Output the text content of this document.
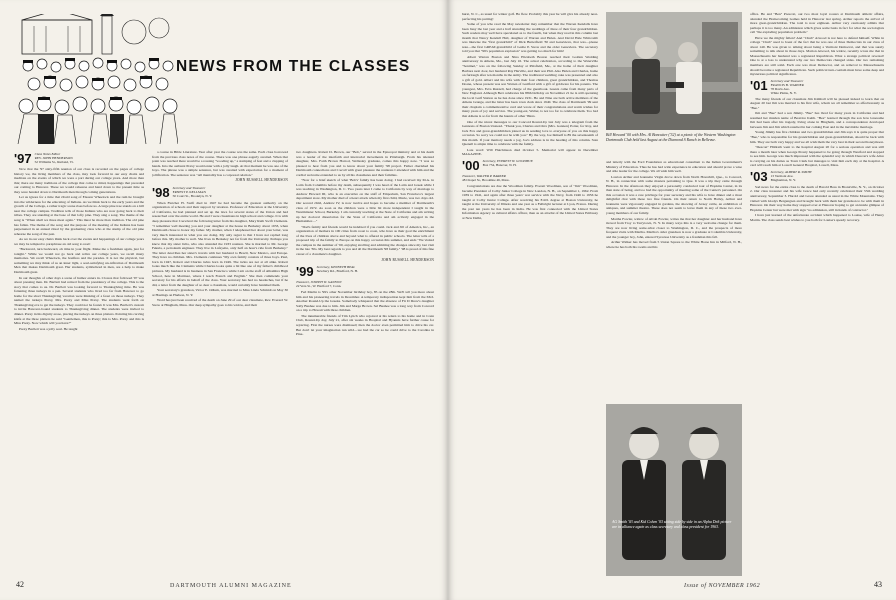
NEWS FROM THE CLASSES
'97 Class Notes Editor
REV. JOHN HENDERSON
52 Williams St., Rutland, Vt.

Now that the '97 sixty-fifth reunion of our class is recorded on the pages of college history we, the living members of the class, may look forward in our easy chairs and meditate on the events of which we were a part during our college years. And more than this; there are many traditions of the college that come to mind, happenings that preceded our coming to Hanover. These we would rehearse and hand down to the present time as they were handed down to Dartmouth men through coming generations.

Let us ignore for a time that ribald song of Eleazar Wheelock and the rum he brought into the wilderness for the educating of Indians. As we think back to the early years and the growth of the College, a rather tragic scene rises before us. A large pine tree stands on a hill near the college campus. Tradition tells of those Indians who are now going back to their tribes. They are standing at the base of that lofty pine. They sing a song. The theme of the song is "When shall we three meet again." This must be more than tradition. The old pine has fallen. The theme of the song and the purpose of the meeting of the Indians has been perpetuated in an annual ritual by the graduating class who at the stump of the old pine rehearse the song of the past.

As we in our easy chairs think back over the events and happenings of our college years we may be tempted to paraphrase an old song to read:

"Backward, turn backward, oh time in your flight. Make me a freshman again, just for tonight." While we would not go back and relive our college years, we recall many memories. We recall Wheelock, the bonfires and the parades. It is not the physical, but something we may think of as an inner light, a soul-satisfying un-nification of Dartmouth Men that makes Dartmouth great. Her students, symbolized in men, are a help to make Dartmouth great.

In our thoughts of other days a scene of humor enters in. Clowes that followed '97 was about pressing men. Dr. Bartlett had retired from the presidency of the college. This is the story that comes to us. Dr. Bartlett was looking forward to Thanksgiving time. He was fattening three turkeys in a pen. Several students who lived too far from Hanover to go home for the short Thanksgiving vacation were thinking of a feast on those turkeys. They named the turkeys Prexy, Mrs. Prexy and Miss Prexy. The students went forth on Thanksgiving eve to get the turkeys. They could not be found. It was Mrs. Bartlett's custom to invite Hanover-bound students to Thanksgiving dinner. The students were invited to dinner. Prexy in his dignity arose, placing the turkeys on three platters. Pointing his carving knife at the three platters he said "Gentlemen, this is Prexy; this is Mrs. Prexy and this is Miss Prexy. Now which will you have?"

Prexy Bartlett was a jolly soul. He taught

a course in Bible Literature. Year after year the course was the same. Each class borrowed from the previous class notes of the course. There was one phrase eagerly awaited. When that point was reached there would be a rousing "wooding up," a stamping of feet and a clapping of hands. Into the outburst Prexy would enter with a jolly laugh. At that moment he was one of the boys. The phrase was a simple sentence, but was awaited with expectation for a moment of jollification. The sentence was "All mentality has a corporeal relation."

JOHN RUSSELL HENDERSON
'98 Secretary and Treasurer
ERNEST P. KELLMAN
50 Court St., Brooklyn, N. Y.

When Fletcher H. Swift died in 1947 he had become the greatest authority on the organization of schools and their support by taxation. Professor of Education at the University of California, he had planned and set up the laws for several states of the Union and had researched over the entire world. He and I were classmates in high school and college. It is with deep pleasure that I received the following letter from his daughter, Mary Ruth Swift Clements. "I remember well meeting you and your daughter at the house in Berkeley about 1933, when Dartmouth chose to honor my father. My mother, when I telephoned her about your letter, was very much interested in what you are doing. My only regret is that I have not replied long before this. My mother is well. She lives in Berkeley not far from the University. Perhaps you know that my sister Julia, who also attended the 1933 reunion. She is married to Mr. George Fekula, a petroleum engineer. They live in Lafayette, only half an hour's ride from Berkeley." The letter describes her sister's travels with her husband to Brazil, New Mexico, and Europe. They have no children. Mrs. Clements continues "My own family consists of three boys. Paul, born in 1947, Robert and Charles twins born in 1949. The twins are not at all alike. Robert looks much like the Clements while Charles looks quite a bit like one of my father's childhood pictures. My husband is in business in San Francisco while I am on the staff of Alhambra High School, here in Martinez, where I teach French and English." She then commends your secretary for his efforts in behalf of the class. Your secretary has had no headaches, but if he did, a letter from the daughter of so dear a classmate, would certainly have banished them.

Your secretary's grandson, Victor E. Odlum, was married to Miss Linda Schmidt on May 30 at Hastings on Hudson, N. Y.

Word has just been received of the death on June 29 of our dear classmate, Rev. Everard W. Snow at Hingham, Mass. Our deep sympathy goes to his widow, and their

two daughters. Robert D. Brown, our "Bob," served in the Episcopal ministry and at his death was a leader of the interfaith and interracial movements in Pittsburgh. From his talented daughter, Mrs. Faith Brown Harrod, Wellesley graduate, comes this happy note. "I was so pleased to hear from you and to know about your family '98 project. Father cherished his Dartmouth connections and I recall with great pleasure the reunions I attended with him and the cordial welcome extended to us by all his classmates and their families.

"Now for a brief sketch of what 'Bob's' family has been doing. I had received my M.A. in Latin from Columbia before my death, subsequently I was head of the Latin and Greek while I was teaching in Washington, D. C. Two years later I came to California by way of marriage to Andrew Howard III, who is an executive on the staff of Emporium, San Francisco's largest department store. My mother died of a heart attack when my first child, Marie, was two days old. Our second child, Andrew IV, is now twelve and hopes to become a member of Dartmouth's class of 1972. As soon as the children were a little bit more independent I taught in the Westminster School, Berkeley. I am currently teaching at the State of California and am writing up her doctoral dissertation for the State of California and am actively engaged in the Humanities ..."

"Dad's family and friends would be indebted if you could. Jack and Jill of America, Inc., an organization of mothers in 100 cities from coast to coast, who have as their goal the enrichment of the lives of children above and beyond what is offered in public schools. The letter tells of a proposed trip of the family to Europe on this happy occasion this summer, and ends "We visited the campus in the summer of '60, enjoying strolling and admiring the changes since my last visit in the late '30s. My best regards to you and all the Dartmouth '98 family." '98 is proud of this fine career of a classmate's daughter.

JOHN RUSSELL HENDERSON
'99 Secretary, KENNETH BEAL
Newbury Rd., Bradford, N. H.
Treasurer, JOSEPH W. GANNON
22 Vera St., W. Hartford 7, Conn.

Fed Martin is '99's other November birthday boy, 85 on the 28th. We'll tell you more about him and his pioneering travels in December. A temporary indisposition kept him from the 63rd. Another Round-Up the Greeks. Somebody whispered that the absence of Fir D Drew's daughter Sally Bushee was due to him. Jim and Marge Brown. Sal Bushee was a long way from Concord on a trip to Hawaii with three children.

The innumerable friends of Tim Lynch who rejoiced at his return to his home and in Conn Club, Round-Up day, July 21, after six weeks in Hospital and Hyannis have further cause for rejoicing. First the nurses were dismissed; then the doctor even permitted him to drive his car. But don't let your imagination run wild—we had the car so he could drive to the Carolina in Pine-

42	DARTMOUTH ALUMNI MAGAZINE

hurst, N. C., as usual for winter golf. He flew. Probably this year he will give his already near-perfecting his putting!

Some of you who read the May newsletter may remember that the Warren Kendalls have been busy the last year and a half attending the weddings of three of their four grandchildren. Such readers may well have speculated as to the fourth, but when they read in this column last month that Nancy Kendall Hall, daughter of Warren and Helen. And David Hale Whitcomb was likewise the "first grandchild" of Dick Butterfield '30 and Genevieve, that was—please note—the first GREAT-grandchild of Leslie P. Snow and the older Genevieve. The secretary told you that "99's population explosion" was getting too much for him!

Albert Warren Boston and Nina Elizabeth Boston reached their Golden Wedding anniversary in Athens, Me., last July 16. The actual celebration, according to the Waterville "Sentinel," was on the following Sunday at Pittsfield, Me., at the home of their daughter Barbara next door, her husband Ray Harville, and their son Phil. Also Helen and Charles, home on furlough after ten months in the Army. The traditional wedding cake was presented and also a gift of gold. Albert and his wife with their four children, great grandchildren, and Thomas Doane, whose present was son Warren of Guilford with a gift of goldware for his parents. The youngest, Mrs. Ezra Ruzzell, had charge of the guestbook. Guests came from many parts of New England. Although Bert celebrates his 88th birthday on November 21 he is still operating the local Gulf Station as he has done since 1931. He and Nina are both active members of the Athens Grange, and the latter has been town clerk since 1940. The class of Dartmouth '99 sent their chaplain a commemorative card and wrote of their congratulations and warm wishes for many years of joy and service. The young-est, Walter, is not too far to celebrate them. Too bad that Athens is so far from the haunts of other '99ers.

One of the nicest messages to our Concord Round-Up last July was a telegram from the Gannons of Boston Unstead. "Thank you, Charles and Orra (Mrs. Gannon) Potter, for Roy, and Jack Fox and great-grandchildren joined us in sending love to everyone of you on this happy occasion. So sorry we could not be with you." By the way, Joe himself is 89 the seventeenth of this month. If your memory needs a jog, Joe's address is in the heading of this column. Stan Quenell is ample time to celebrate with the family.

Late word: Will Hutchinson died October 5. Memorial will appear in December MAGAZINE.

'00 Secretary, EVERETT W. GOODHUE
Box 734, Hanover, N. H.
Treasurer, WALTER P. BARKER
48 Chapel St., Brookline 46, Mass.

Congratulations are due the Woodman family. Everett Woodman, son of "Jim" Woodman, became President of Colby Junior College in New London, N. H., on September 1, 1962. From 1939 to 1941, and again after three years' war service with the Navy, from 1946 to 1956 he taught at Colby Junior College. After receiving his Ed.D. degree at Boston University, he taught at the University of Illinois and one year as a Fulbright lecturer at Lyon, France. During the past ten years he has been in India. He was first connected with the United States Information Agency as cultural affairs officer, then as an attaché of the United States Embassy at New Delhi,

Bill Howard '00 with Mrs. Al Boncutter ('32) at a picnic of the Western Washington Dartmouth Club held last August at the Diamond S Ranch in Bellevue.

and latterly with the Ford Foundation as educational consultant to the Indian Government's Ministry of Education. Thus he has had wide experience in education and should prove a wise and able leader for the college. We all wish him well.

Lawton Arthur and Jeannette Virgin drove down from North Haverhill, Que., to Concord, N. H., in connection with some masters pertaining to Que. It was a trip they came through Hanover. In the afternoon they enjoyed a personally conducted tour of Hopkins Center, in its then state of being, and too had the opportunity of meeting some of the Center's personnel. On this occasion it was a rare privilege for your secretary and his wife to have dinner and a most delightful chat with these two fine friends. On their return to North Hatley, Arthur and Jeannette were vigorously engaged in gardens, the showing of Jersey cattle, an exhibition of antiques, and summer theatre. These does not seem to leave them in any of these two ever-young members of our family.

Martha Fowler, widow of Alvah Fowler, writes me that her daughter and her husband have moved from Troy to Tarrytown, N. Y. In many ways this is a very welcome change for them. They are now living some-what closer to Washington, D. C., and the prospects of more frequent visits with Martha. Martha's older grandson is now a graduate at Columbia University, and the younger boy, John, entered Syracuse University as a freshman this fall.

Arthur Walker has moved from 5 Union Square to the White Horse Inn in Milford, N. H., where he has both his rooms and his

AG Smith '03 and Kid Cohen '03 sitting side by side in an Alpha Delt picture are in alliance again as class secretary and class president for 1963.

office. He and "Ben" Prescott, our two most loyal rooters at Dartmouth athletic affairs, attended the Homecoming Games held in Hanover last spring. Arthur reports the arrival of more great-grandchildren. The total is now eighteen. Arthur very cautiously admits that perhaps it is too many. An admission which gives some basis in fact for what the sociologists call "the exploding population problem."

Have we the mighty fallen? And "Chub" Atwood is not here to defend himself. While in college "Chub" used to boast of the fact that he was one of three Democrats in our class of about 140. He was given to talking about being a Vermont Democrat, and that was surely something to talk about in those days. Marion Atwood, his widow, recently wrote me that in Massachusetts her husband was a registered Republican. What a strange political reversal! One is at a loss to understand why our two Democrats changed sides. Our two remaining members are still solid. Each one was most Democrat, and on removal to Massachusetts should become a registered Republican. Such political turn-coatism must have some deep and mysterious political significance.

'01 Secretary and Treasurer
FRANCIS B. WARNER
78 Davis Ave.
White Plains, N. Y.

The many friends of our classmate Jim Kimball will be pleased indeed to learn that on August 20 last Jim was married to his first wife, whom we all remember so affectionately as "Bee."

Jim and "Bee" had a son Jimmy. "Bee" has lived for many years in California and had resumed her maiden name of Beatrice Keith. "Bee" learned through the son how lonesome Jim had been after his tragedy, living alone in Hingham, and a correspondence developed between Jim and Jim which resulted in her coming East and in the inevitable marriage.

Young Jimmy has five children and two grandchildren and Jim says it is quite proper that "Bee," who is responsible for his grandchildren and great-grandchildren, should be back with him. They are both very happy and we all wish them the very best in their second honeymoon.

"Deacon" Hildreth went to the hospital August 20 for a serious operation and was still there a month later when George Prouty happened to be going through Westford and stopped to see him. George was much impressed with the splendid way in which Deacon's wife Alice is carrying on his duties as Town Clerk but manages to visit him each day at the hospital. A card will reach him at Lowell General Hospital, Lowell, Mass.

'03 Secretary, ALBERT R. SMITH
13 Vermont Ave.
Binghamton, N. Y.

Sad news for the entire class is the death of Harold Hess in Bronxville, N. Y., on October 2. Our class treasurer and his wife Grace had only recently celebrated their 55th wedding anniversary, September 3. Harold and Grace attended as usual in the White Mountains. They visited with Gladys Bergengren and brought back with them her grandson to be with them in Hanover. On their way home they stopped over at Hanover hoping to get an inside glimpse of Hopkins Center but were met with sign "no admission, still in hands of contractor."

I have just learned of the unfortunate accident which happened to Louise, wife of Henry Martin. The class sends best wishes to you both for Louise's speedy recovery.

Issue of NOVEMBER 1962	43
